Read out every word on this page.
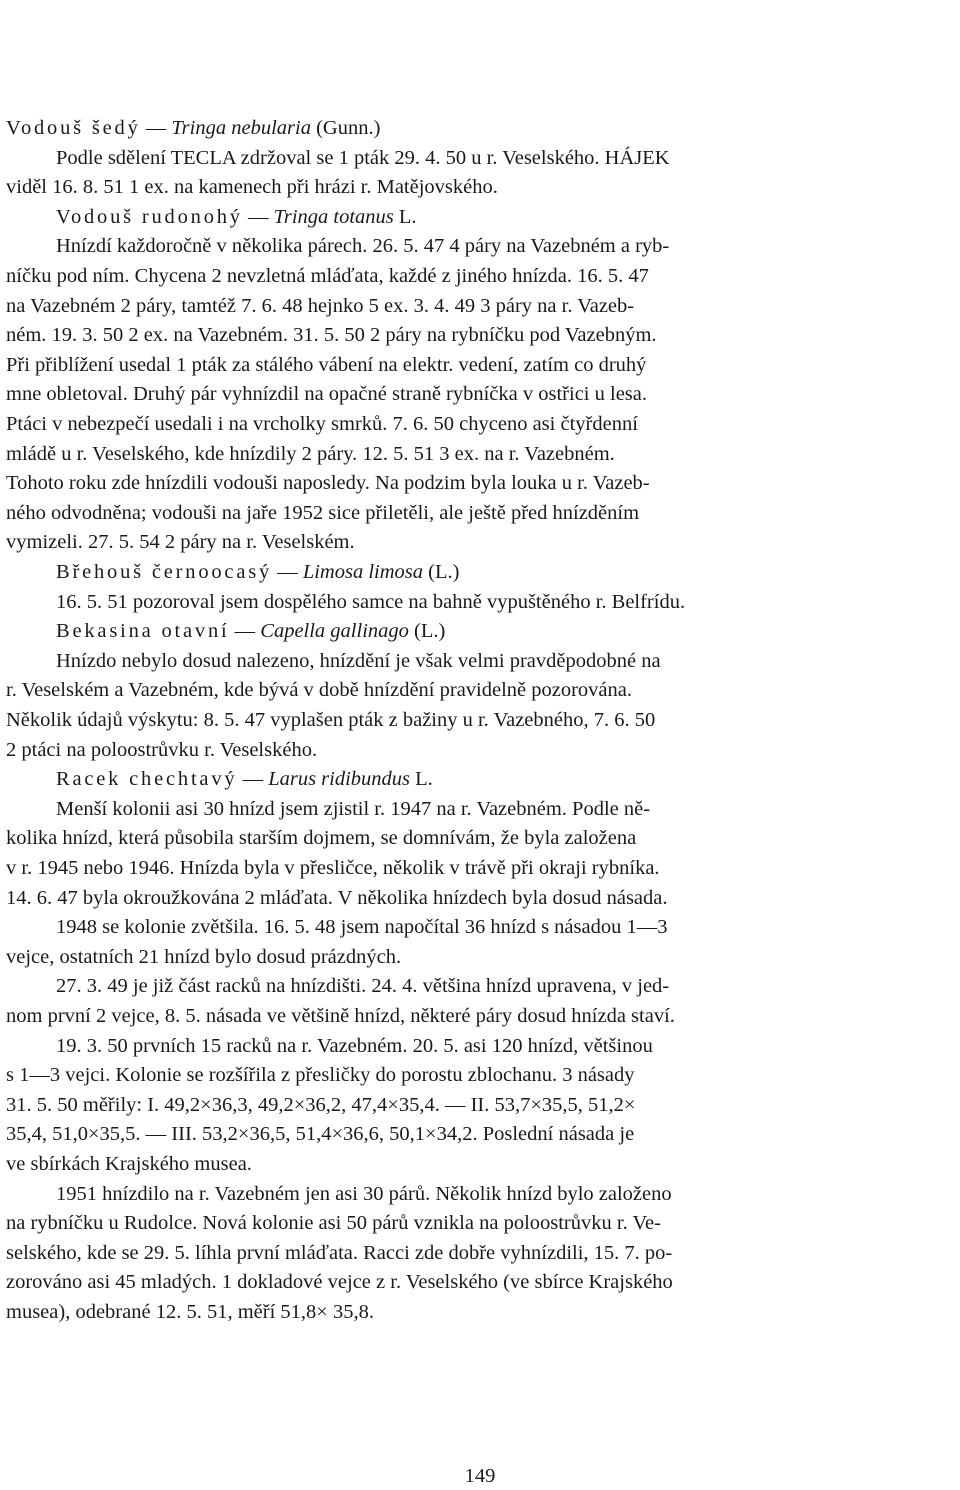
Vodouš šedý — Tringa nebularia (Gunn.)
Podle sdělení TECLA zdržoval se 1 pták 29. 4. 50 u r. Veselského. HÁJEK
viděl 16. 8. 51 1 ex. na kamenech při hrázi r. Matějovského.
Vodouš rudonohý — Tringa totanus L.
Hnízdí každoročně v několika párech. 26. 5. 47 4 páry na Vazebném a ryb-
níčku pod ním. Chycena 2 nevzletná mláďata, každé z jiného hnízda. 16. 5. 47
na Vazebném 2 páry, tamtéž 7. 6. 48 hejnko 5 ex. 3. 4. 49 3 páry na r. Vazeb-
ném. 19. 3. 50 2 ex. na Vazebném. 31. 5. 50 2 páry na rybníčku pod Vazebným.
Při přiblížení usedal 1 pták za stálého vábení na elektr. vedení, zatím co druhý
mne obletoval. Druhý pár vyhnízdil na opačné straně rybníčka v ostřici u lesa.
Ptáci v nebezpečí usedali i na vrcholky smrků. 7. 6. 50 chyceno asi čtyřdenní
mládě u r. Veselského, kde hnízdily 2 páry. 12. 5. 51 3 ex. na r. Vazebném.
Tohoto roku zde hnízdili vodouši naposledy. Na podzim byla louka u r. Vazeb-
ného odvodněna; vodouši na jaře 1952 sice přiletěli, ale ještě před hnízděním
vymizeli. 27. 5. 54 2 páry na r. Veselském.
Břehouš černoocasý — Limosa limosa (L.)
16. 5. 51 pozoroval jsem dospělého samce na bahně vypuštěného r. Belfrídu.
Bekasina otavní — Capella gallinago (L.)
Hnízdo nebylo dosud nalezeno, hnízdění je však velmi pravděpodobné na
r. Veselském a Vazebném, kde bývá v době hnízdění pravidelně pozorována.
Několik údajů výskytu: 8. 5. 47 vyplašen pták z bažiny u r. Vazebného, 7. 6. 50
2 ptáci na poloostrůvku r. Veselského.
Racek chechtavý — Larus ridibundus L.
Menší kolonii asi 30 hnízd jsem zjistil r. 1947 na r. Vazebném. Podle ně-
kolika hnízd, která působila starším dojmem, se domnívám, že byla založena
v r. 1945 nebo 1946. Hnízda byla v přesličce, několik v trávě při okraji rybníka.
14. 6. 47 byla okroužkována 2 mláďata. V několika hnízdech byla dosud násada.
1948 se kolonie zvětšila. 16. 5. 48 jsem napočítal 36 hnízd s násadou 1—3
vejce, ostatních 21 hnízd bylo dosud prázdných.
27. 3. 49 je již část racků na hnízdišti. 24. 4. většina hnízd upravena, v jed-
nom první 2 vejce, 8. 5. násada ve většině hnízd, některé páry dosud hnízda staví.
19. 3. 50 prvních 15 racků na r. Vazebném. 20. 5. asi 120 hnízd, většinou
s 1—3 vejci. Kolonie se rozšířila z přesličky do porostu zblochanu. 3 násady
31. 5. 50 měřily: I. 49,2×36,3, 49,2×36,2, 47,4×35,4. — II. 53,7×35,5, 51,2×
35,4, 51,0×35,5. — III. 53,2×36,5, 51,4×36,6, 50,1×34,2. Poslední násada je
ve sbírkách Krajského musea.
1951 hnízdilo na r. Vazebném jen asi 30 párů. Několik hnízd bylo založeno
na rybníčku u Rudolce. Nová kolonie asi 50 párů vznikla na poloostrůvku r. Ve-
selského, kde se 29. 5. líhla první mláďata. Racci zde dobře vyhnízdili, 15. 7. po-
zorováno asi 45 mladých. 1 dokladové vejce z r. Veselského (ve sbírce Krajského
musea), odebrané 12. 5. 51, měří 51,8× 35,8.
149
